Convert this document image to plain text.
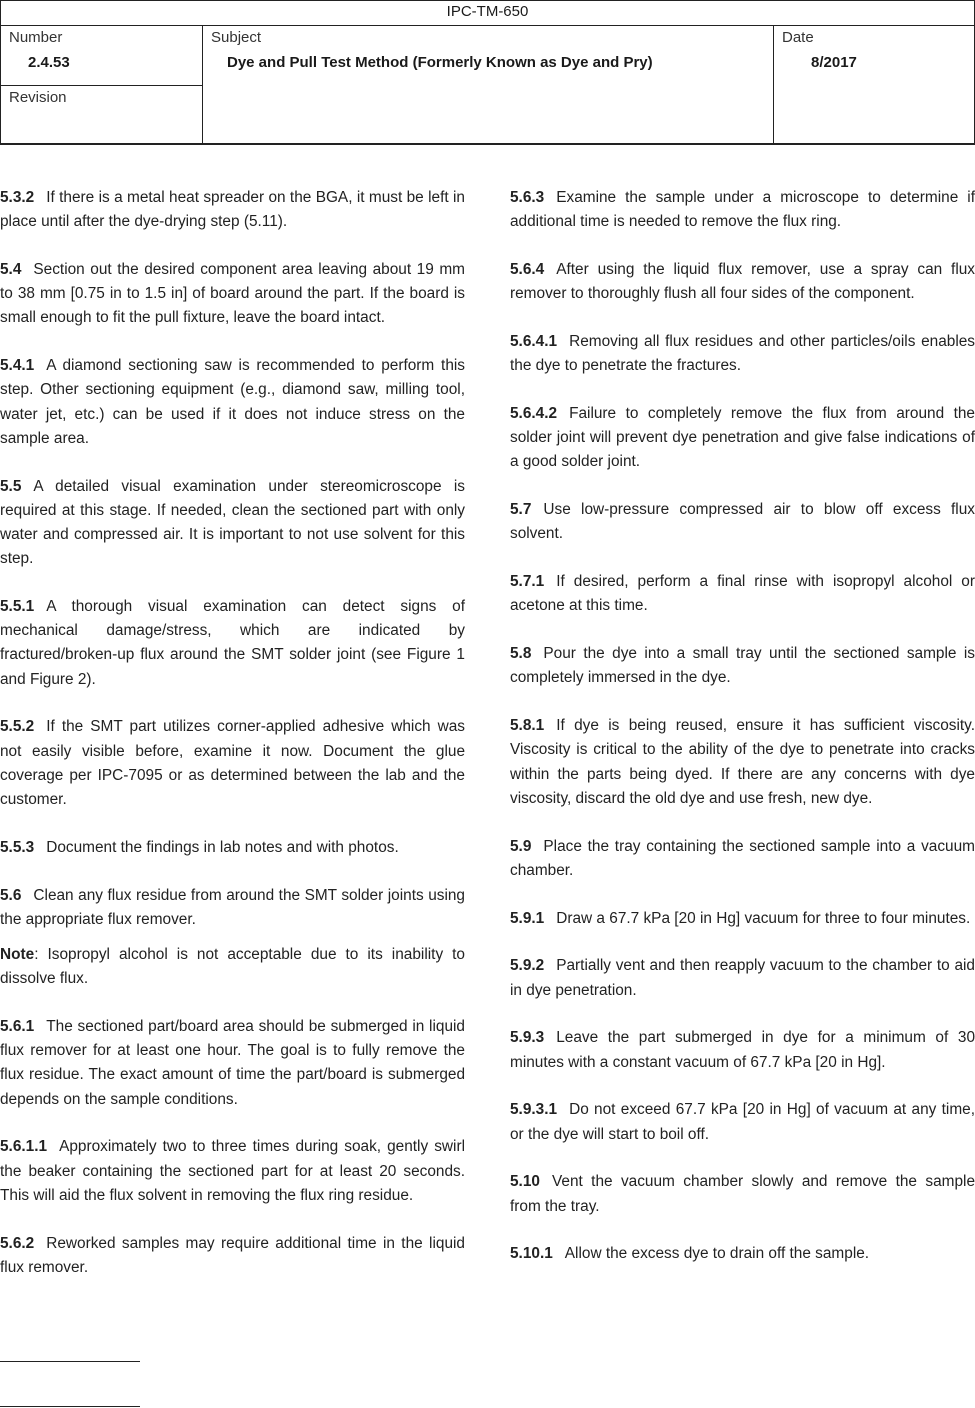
IPC-TM-650
Number
2.4.53
Revision
Subject
Dye and Pull Test Method (Formerly Known as Dye and Pry)
Date
8/2017

5.3.2 If there is a metal heat spreader on the BGA, it must be left in place until after the dye-drying step (5.11).

5.4 Section out the desired component area leaving about 19 mm to 38 mm [0.75 in to 1.5 in] of board around the part. If the board is small enough to fit the pull fixture, leave the board intact.

5.4.1 A diamond sectioning saw is recommended to perform this step. Other sectioning equipment (e.g., diamond saw, milling tool, water jet, etc.) can be used if it does not induce stress on the sample area.

5.5 A detailed visual examination under stereomicroscope is required at this stage. If needed, clean the sectioned part with only water and compressed air. It is important to not use solvent for this step.

5.5.1 A thorough visual examination can detect signs of mechanical damage/stress, which are indicated by fractured/broken-up flux around the SMT solder joint (see Figure 1 and Figure 2).

5.5.2 If the SMT part utilizes corner-applied adhesive which was not easily visible before, examine it now. Document the glue coverage per IPC-7095 or as determined between the lab and the customer.

5.5.3 Document the findings in lab notes and with photos.

5.6 Clean any flux residue from around the SMT solder joints using the appropriate flux remover.

Note: Isopropyl alcohol is not acceptable due to its inability to dissolve flux.

5.6.1 The sectioned part/board area should be submerged in liquid flux remover for at least one hour. The goal is to fully remove the flux residue. The exact amount of time the part/board is submerged depends on the sample conditions.

5.6.1.1 Approximately two to three times during soak, gently swirl the beaker containing the sectioned part for at least 20 seconds. This will aid the flux solvent in removing the flux ring residue.

5.6.2 Reworked samples may require additional time in the liquid flux remover.

5.6.3 Examine the sample under a microscope to determine if additional time is needed to remove the flux ring.

5.6.4 After using the liquid flux remover, use a spray can flux remover to thoroughly flush all four sides of the component.

5.6.4.1 Removing all flux residues and other particles/oils enables the dye to penetrate the fractures.

5.6.4.2 Failure to completely remove the flux from around the solder joint will prevent dye penetration and give false indications of a good solder joint.

5.7 Use low-pressure compressed air to blow off excess flux solvent.

5.7.1 If desired, perform a final rinse with isopropyl alcohol or acetone at this time.

5.8 Pour the dye into a small tray until the sectioned sample is completely immersed in the dye.

5.8.1 If dye is being reused, ensure it has sufficient viscosity. Viscosity is critical to the ability of the dye to penetrate into cracks within the parts being dyed. If there are any concerns with dye viscosity, discard the old dye and use fresh, new dye.

5.9 Place the tray containing the sectioned sample into a vacuum chamber.

5.9.1 Draw a 67.7 kPa [20 in Hg] vacuum for three to four minutes.

5.9.2 Partially vent and then reapply vacuum to the chamber to aid in dye penetration.

5.9.3 Leave the part submerged in dye for a minimum of 30 minutes with a constant vacuum of 67.7 kPa [20 in Hg].

5.9.3.1 Do not exceed 67.7 kPa [20 in Hg] of vacuum at any time, or the dye will start to boil off.

5.10 Vent the vacuum chamber slowly and remove the sample from the tray.

5.10.1 Allow the excess dye to drain off the sample.
